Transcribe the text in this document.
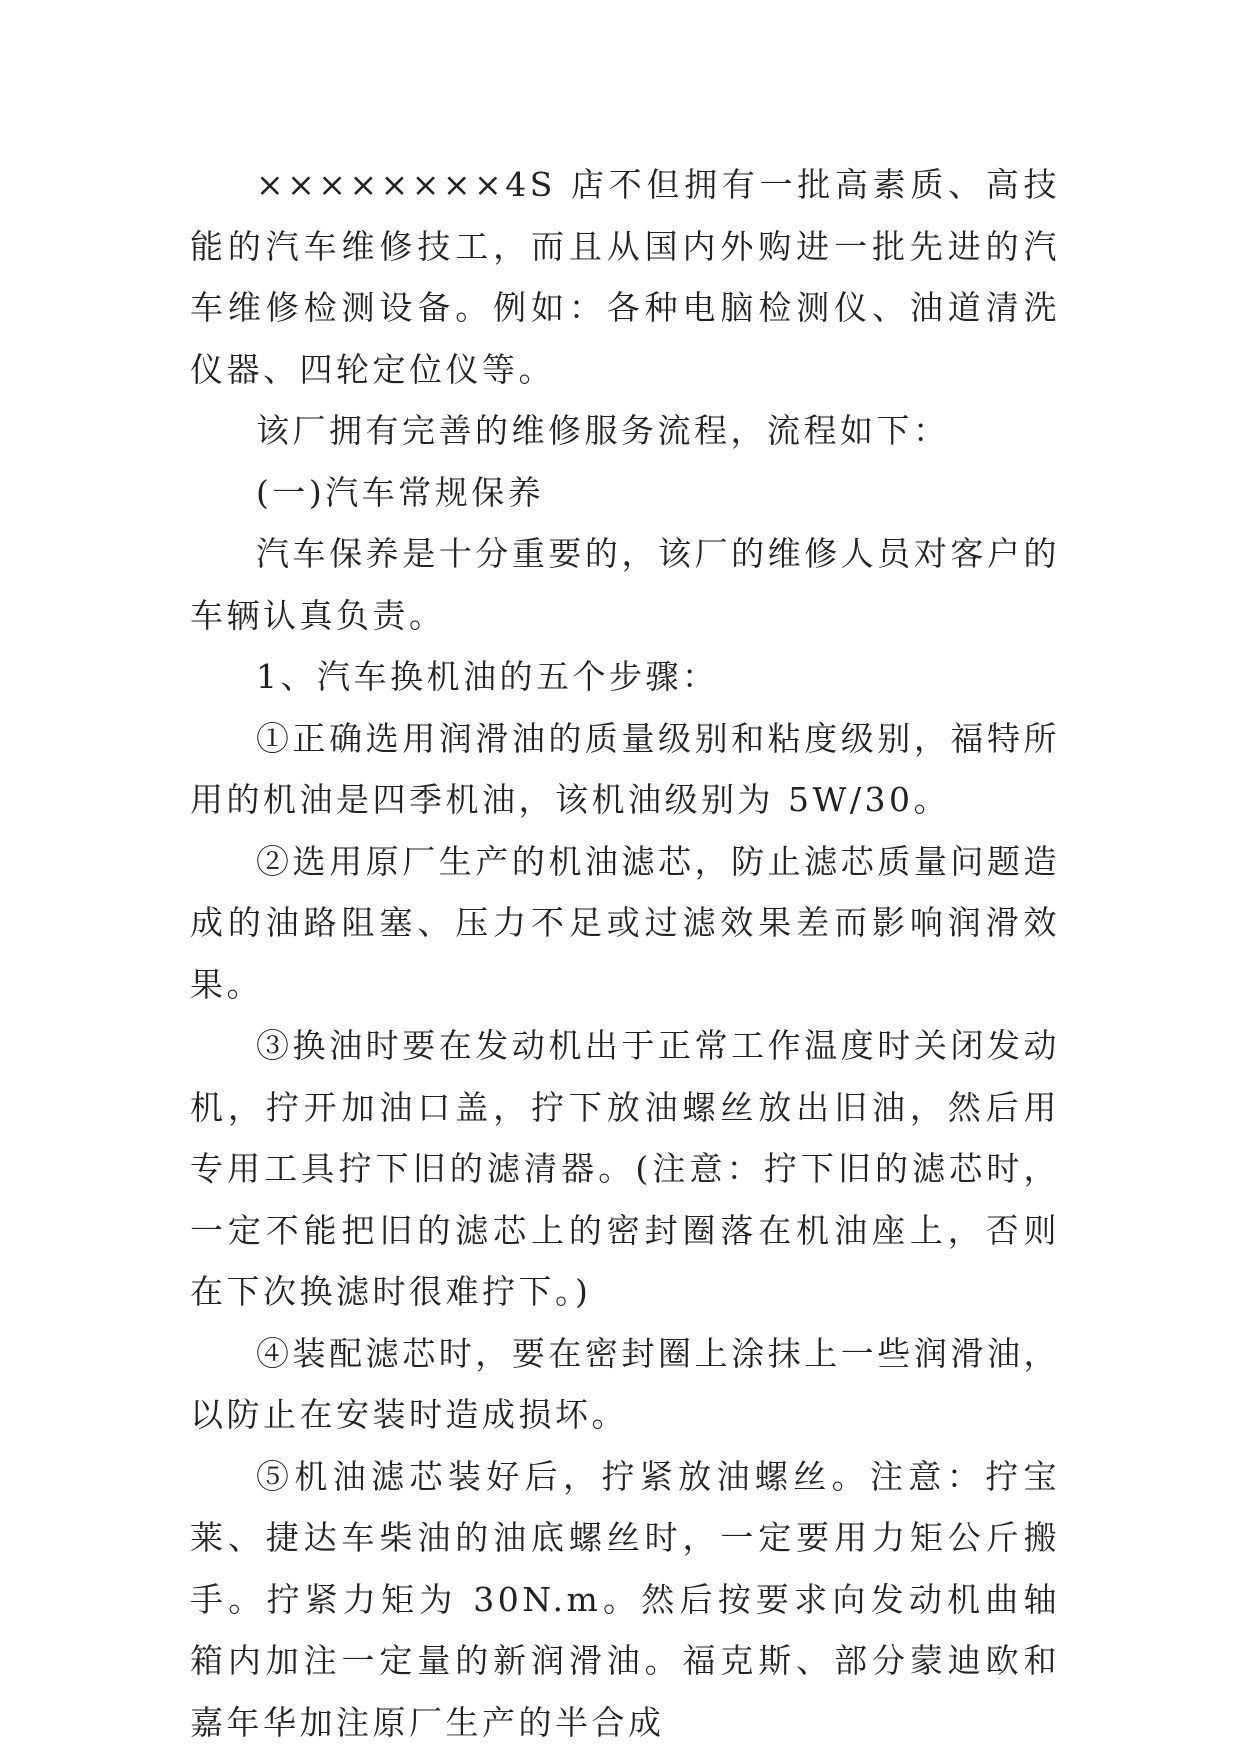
××××××××4S 店不但拥有一批高素质、高技能的汽车维修技工，而且从国内外购进一批先进的汽车维修检测设备。例如：各种电脑检测仪、油道清洗仪器、四轮定位仪等。

该厂拥有完善的维修服务流程，流程如下：

(一)汽车常规保养

汽车保养是十分重要的，该厂的维修人员对客户的车辆认真负责。

1、汽车换机油的五个步骤：

①正确选用润滑油的质量级别和粘度级别，福特所用的机油是四季机油，该机油级别为 5W/30。

②选用原厂生产的机油滤芯，防止滤芯质量问题造成的油路阻塞、压力不足或过滤效果差而影响润滑效果。

③换油时要在发动机出于正常工作温度时关闭发动机，拧开加油口盖，拧下放油螺丝放出旧油，然后用专用工具拧下旧的滤清器。(注意：拧下旧的滤芯时，一定不能把旧的滤芯上的密封圈落在机油座上，否则在下次换滤时很难拧下。)

④装配滤芯时，要在密封圈上涂抹上一些润滑油，以防止在安装时造成损坏。

⑤机油滤芯装好后，拧紧放油螺丝。注意：拧宝莱、捷达车柴油的油底螺丝时，一定要用力矩公斤搬手。拧紧力矩为 30N.m。然后按要求向发动机曲轴箱内加注一定量的新润滑油。福克斯、部分蒙迪欧和嘉年华加注原厂生产的半合成
